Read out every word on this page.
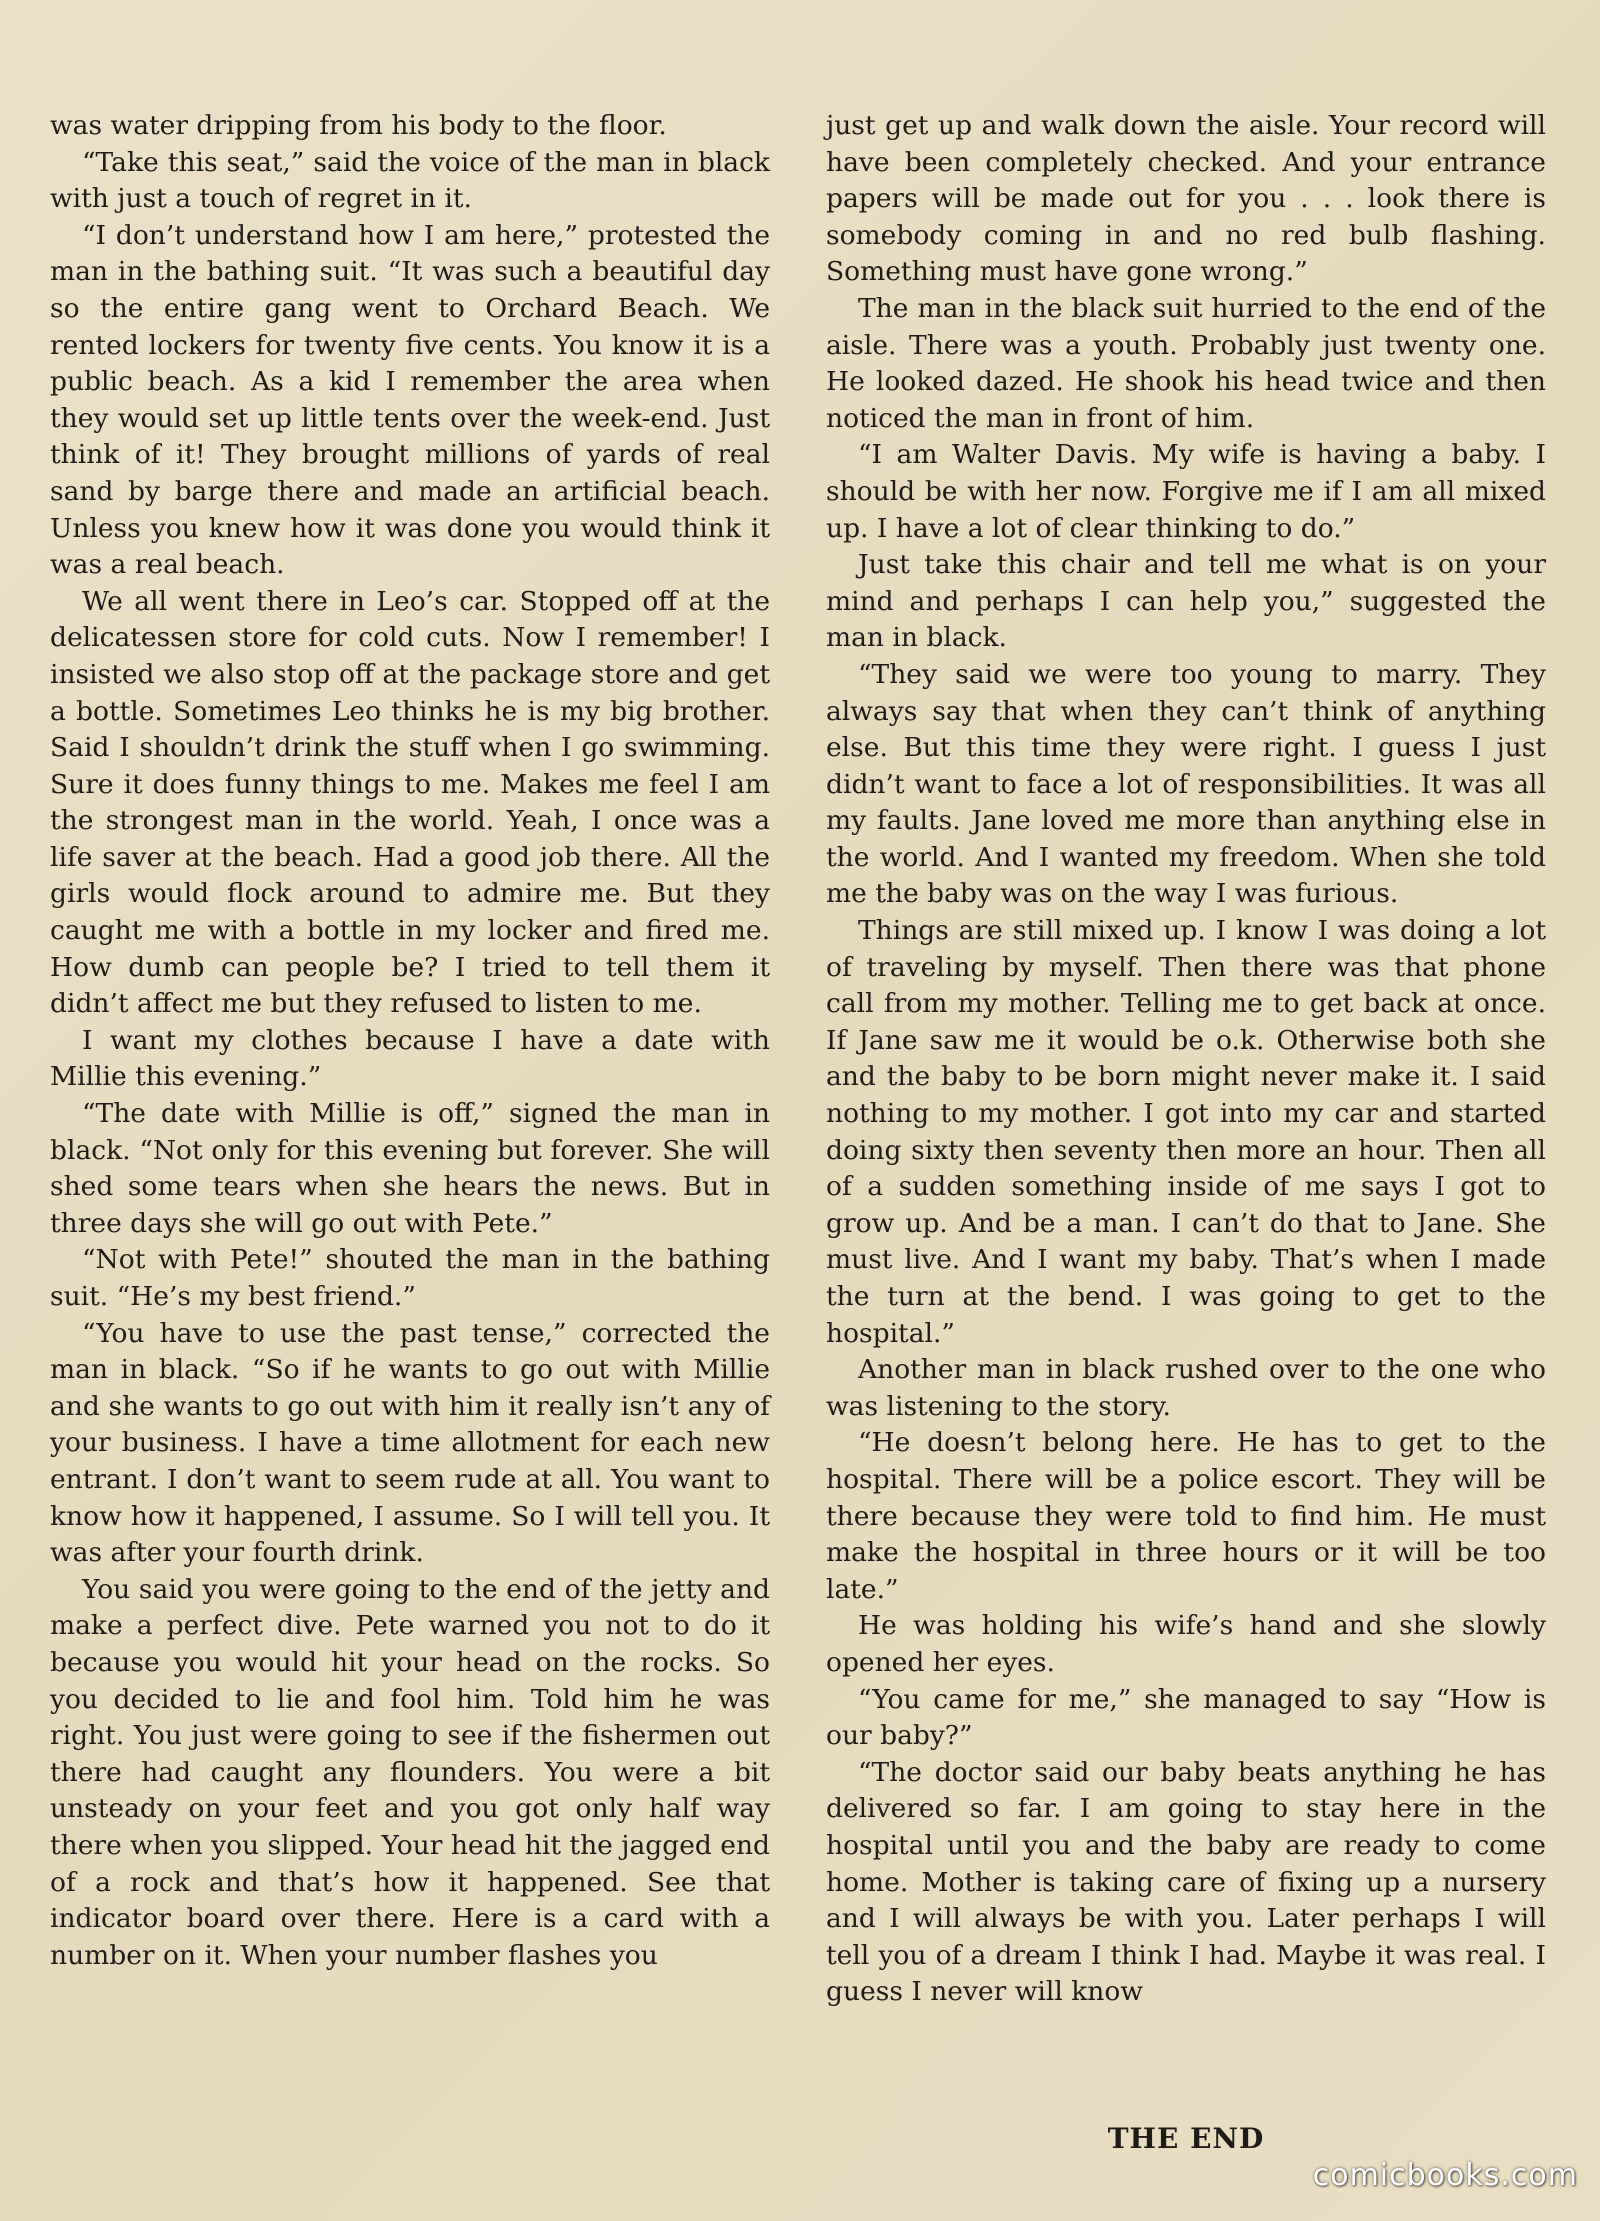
was water dripping from his body to the floor.

“Take this seat,” said the voice of the man in black with just a touch of regret in it.

“I don’t understand how I am here,” protested the man in the bathing suit. “It was such a beautiful day so the entire gang went to Orchard Beach. We rented lockers for twenty five cents. You know it is a public beach. As a kid I remember the area when they would set up little tents over the week-end. Just think of it! They brought millions of yards of real sand by barge there and made an artificial beach. Unless you knew how it was done you would think it was a real beach.

We all went there in Leo’s car. Stopped off at the delicatessen store for cold cuts. Now I remember! I insisted we also stop off at the package store and get a bottle. Sometimes Leo thinks he is my big brother. Said I shouldn’t drink the stuff when I go swimming. Sure it does funny things to me. Makes me feel I am the strongest man in the world. Yeah, I once was a life saver at the beach. Had a good job there. All the girls would flock around to admire me. But they caught me with a bottle in my locker and fired me. How dumb can people be? I tried to tell them it didn’t affect me but they refused to listen to me.

I want my clothes because I have a date with Millie this evening.”

“The date with Millie is off,” signed the man in black. “Not only for this evening but forever. She will shed some tears when she hears the news. But in three days she will go out with Pete.”

“Not with Pete!” shouted the man in the bathing suit. “He’s my best friend.”

“You have to use the past tense,” corrected the man in black. “So if he wants to go out with Millie and she wants to go out with him it really isn’t any of your business. I have a time allotment for each new entrant. I don’t want to seem rude at all. You want to know how it happened, I assume. So I will tell you. It was after your fourth drink.

You said you were going to the end of the jetty and make a perfect dive. Pete warned you not to do it because you would hit your head on the rocks. So you decided to lie and fool him. Told him he was right. You just were going to see if the fishermen out there had caught any flounders. You were a bit unsteady on your feet and you got only half way there when you slipped. Your head hit the jagged end of a rock and that’s how it happened. See that indicator board over there. Here is a card with a number on it. When your number flashes you

just get up and walk down the aisle. Your record will have been completely checked. And your entrance papers will be made out for you . . . look there is somebody coming in and no red bulb flashing. Something must have gone wrong.”

The man in the black suit hurried to the end of the aisle. There was a youth. Probably just twenty one. He looked dazed. He shook his head twice and then noticed the man in front of him.

“I am Walter Davis. My wife is having a baby. I should be with her now. Forgive me if I am all mixed up. I have a lot of clear thinking to do.”

Just take this chair and tell me what is on your mind and perhaps I can help you,” suggested the man in black.

“They said we were too young to marry. They always say that when they can’t think of anything else. But this time they were right. I guess I just didn’t want to face a lot of responsibilities. It was all my faults. Jane loved me more than anything else in the world. And I wanted my freedom. When she told me the baby was on the way I was furious.

Things are still mixed up. I know I was doing a lot of traveling by myself. Then there was that phone call from my mother. Telling me to get back at once. If Jane saw me it would be o.k. Otherwise both she and the baby to be born might never make it. I said nothing to my mother. I got into my car and started doing sixty then seventy then more an hour. Then all of a sudden something inside of me says I got to grow up. And be a man. I can’t do that to Jane. She must live. And I want my baby. That’s when I made the turn at the bend. I was going to get to the hospital.”

Another man in black rushed over to the one who was listening to the story.

“He doesn’t belong here. He has to get to the hospital. There will be a police escort. They will be there because they were told to find him. He must make the hospital in three hours or it will be too late.”

He was holding his wife’s hand and she slowly opened her eyes.

“You came for me,” she managed to say “How is our baby?”

“The doctor said our baby beats anything he has delivered so far. I am going to stay here in the hospital until you and the baby are ready to come home. Mother is taking care of fixing up a nursery and I will always be with you. Later perhaps I will tell you of a dream I think I had. Maybe it was real. I guess I never will know

THE END
comicbooks.com
